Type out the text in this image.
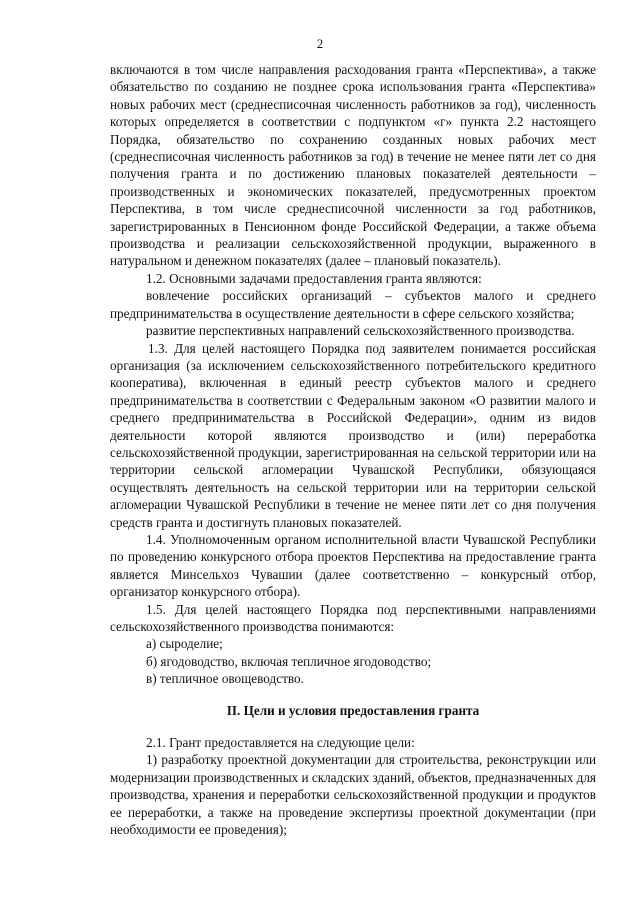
2

включаются в том числе направления расходования гранта «Перспектива», а также обязательство по созданию не позднее срока использования гранта «Перспектива» новых рабочих мест (среднесписочная численность работников за год), численность которых определяется в соответствии с подпунктом «г» пункта 2.2 настоящего Порядка, обязательство по сохранению созданных новых рабочих мест (среднесписочная численность работников за год) в течение не менее пяти лет со дня получения гранта и по достижению плановых показателей деятельности – производственных и экономических показателей, предусмотренных проектом Перспектива, в том числе среднесписочной численности за год работников, зарегистрированных в Пенсионном фонде Российской Федерации, а также объема производства и реализации сельскохозяйственной продукции, выраженного в натуральном и денежном показателях (далее – плановый показатель).

1.2. Основными задачами предоставления гранта являются:

вовлечение российских организаций – субъектов малого и среднего предпринимательства в осуществление деятельности в сфере сельского хозяйства;

развитие перспективных направлений сельскохозяйственного производства.

1.3. Для целей настоящего Порядка под заявителем понимается российская организация (за исключением сельскохозяйственного потребительского кредитного кооператива), включенная в единый реестр субъектов малого и среднего предпринимательства в соответствии с Федеральным законом «О развитии малого и среднего предпринимательства в Российской Федерации», одним из видов деятельности которой являются производство и (или) переработка сельскохозяйственной продукции, зарегистрированная на сельской территории или на территории сельской агломерации Чувашской Республики, обязующаяся осуществлять деятельность на сельской территории или на территории сельской агломерации Чувашской Республики в течение не менее пяти лет со дня получения средств гранта и достигнуть плановых показателей.

1.4. Уполномоченным органом исполнительной власти Чувашской Республики по проведению конкурсного отбора проектов Перспектива на предоставление гранта является Минсельхоз Чувашии (далее соответственно – конкурсный отбор, организатор конкурсного отбора).

1.5. Для целей настоящего Порядка под перспективными направлениями сельскохозяйственного производства понимаются:

а) сыроделие;

б) ягодоводство, включая тепличное ягодоводство;

в) тепличное овощеводство.

II. Цели и условия предоставления гранта

2.1. Грант предоставляется на следующие цели:

1) разработку проектной документации для строительства, реконструкции или модернизации производственных и складских зданий, объектов, предназначенных для производства, хранения и переработки сельскохозяйственной продукции и продуктов ее переработки, а также на проведение экспертизы проектной документации (при необходимости ее проведения);
